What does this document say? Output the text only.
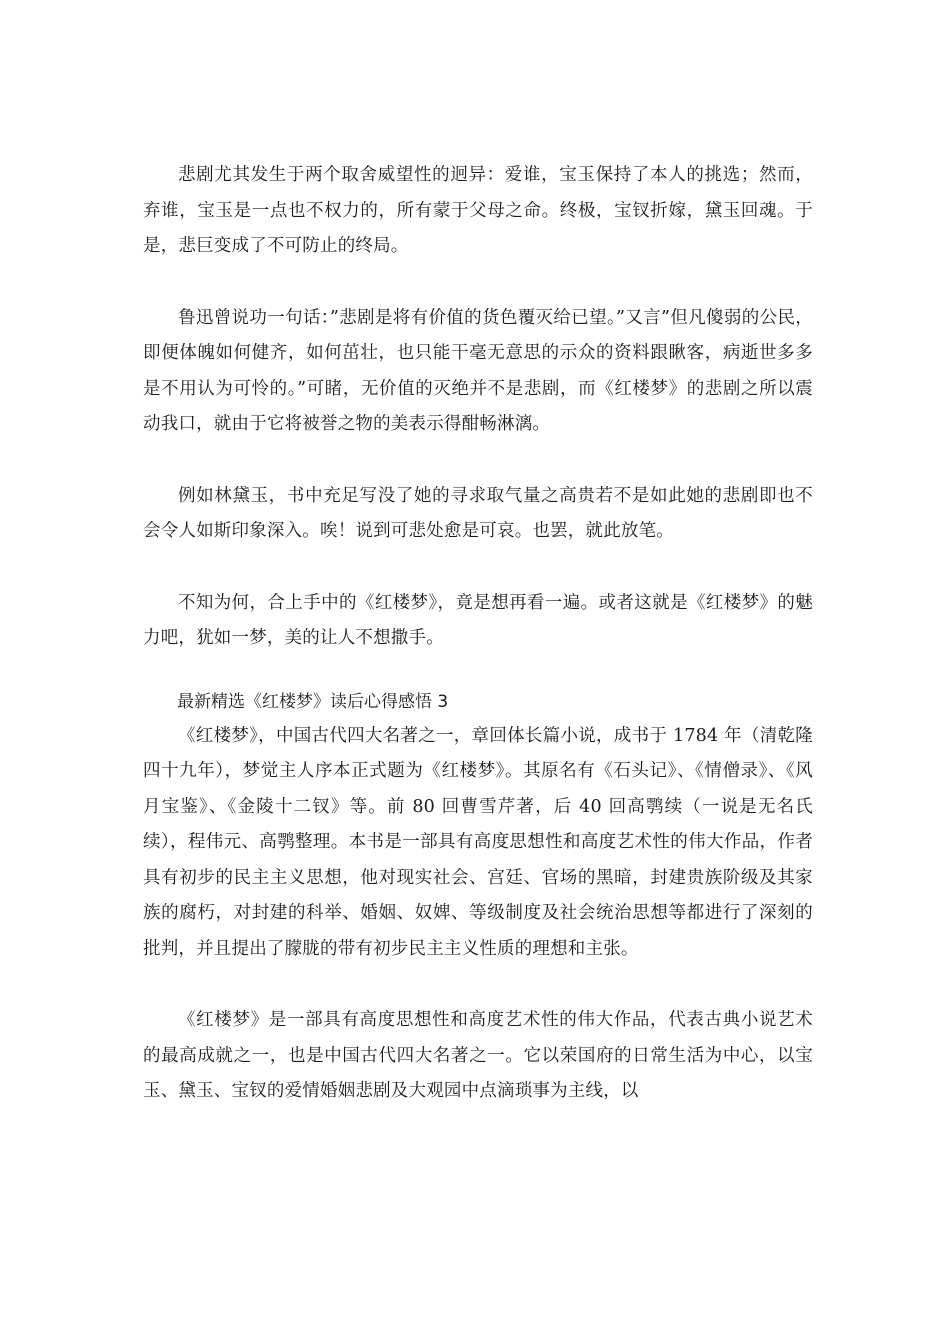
悲剧尤其发生于两个取舍威望性的迥异：爱谁，宝玉保持了本人的挑选；然而，弃谁，宝玉是一点也不权力的，所有蒙于父母之命。终极，宝钗折嫁，黛玉回魂。于是，悲巨变成了不可防止的终局。

鲁迅曾说功一句话：”悲剧是将有价值的货色覆灭给已望。”又言”但凡傻弱的公民，即便体魄如何健齐，如何茁壮，也只能干毫无意思的示众的资料跟瞅客，病逝世多多是不用认为可怜的。”可睹，无价值的灭绝并不是悲剧，而《红楼梦》的悲剧之所以震动我口，就由于它将被誉之物的美表示得酣畅淋漓。

例如林黛玉，书中充足写没了她的寻求取气量之高贵若不是如此她的悲剧即也不会令人如斯印象深入。唉！说到可悲处愈是可哀。也罢，就此放笔。

不知为何，合上手中的《红楼梦》，竟是想再看一遍。或者这就是《红楼梦》的魅力吧，犹如一梦，美的让人不想撒手。

最新精选《红楼梦》读后心得感悟 3

《红楼梦》，中国古代四大名著之一，章回体长篇小说，成书于 1784 年（清乾隆四十九年），梦觉主人序本正式题为《红楼梦》。其原名有《石头记》、《情僧录》、《风月宝鉴》、《金陵十二钗》等。前 80 回曹雪芹著，后 40 回高鹗续（一说是无名氏续），程伟元、高鹗整理。本书是一部具有高度思想性和高度艺术性的伟大作品，作者具有初步的民主主义思想，他对现实社会、宫廷、官场的黑暗，封建贵族阶级及其家族的腐朽，对封建的科举、婚姻、奴婢、等级制度及社会统治思想等都进行了深刻的批判，并且提出了朦胧的带有初步民主主义性质的理想和主张。

《红楼梦》是一部具有高度思想性和高度艺术性的伟大作品，代表古典小说艺术的最高成就之一，也是中国古代四大名著之一。它以荣国府的日常生活为中心，以宝玉、黛玉、宝钗的爱情婚姻悲剧及大观园中点滴琐事为主线，以
